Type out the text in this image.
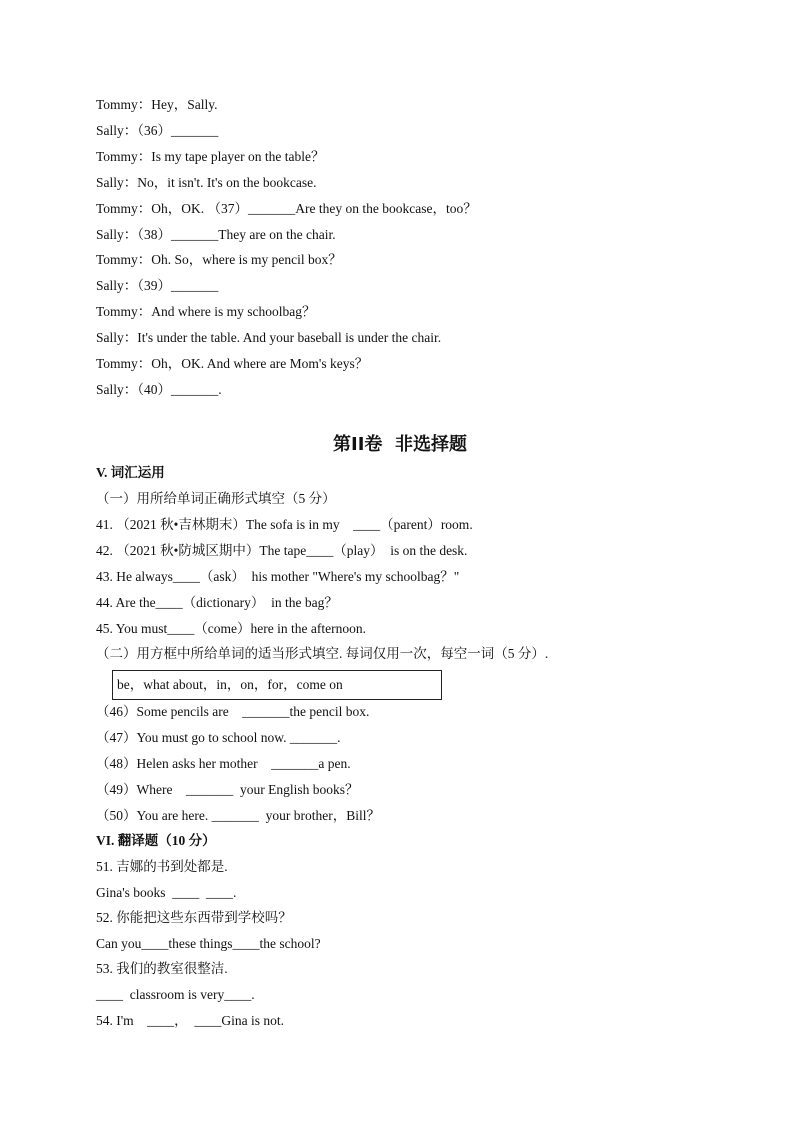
Tommy：Hey，Sally.
Sally：（36）_______
Tommy：Is my tape player on the table？
Sally：No，it isn't. It's on the bookcase.
Tommy：Oh，OK. （37）_______Are they on the bookcase，too？
Sally：（38）_______They are on the chair.
Tommy：Oh. So，where is my pencil box？
Sally：（39）_______
Tommy：And where is my schoolbag？
Sally：It's under the table. And your baseball is under the chair.
Tommy：Oh，OK. And where are Mom's keys？
Sally：（40）_______.
第II卷  非选择题
V. 词汇运用
（一）用所给单词正确形式填空（5 分）
41. （2021 秋•吉林期末）The sofa is in my    ____（parent）room.
42. （2021 秋•防城区期中）The tape____（play）  is on the desk.
43. He always____（ask）  his mother "Where's my schoolbag？"
44. Are the____（dictionary）  in the bag？
45. You must____（come）here in the afternoon.
（二）用方框中所给单词的适当形式填空. 每词仅用一次，每空一词（5 分）.
be，what about，in，on，for，come on
（46）Some pencils are    _______the pencil box.
（47）You must go to school now. _______.
（48）Helen asks her mother    _______a pen.
（49）Where    _______  your English books？
（50）You are here. _______  your brother，Bill？
VI. 翻译题（10 分）
51. 吉娜的书到处都是.
Gina's books  ____  ____.
52. 你能把这些东西带到学校吗？
Can you____these things____the school?
53. 我们的教室很整洁.
____  classroom is very____.
54. I'm    ____，  ____Gina is not.
